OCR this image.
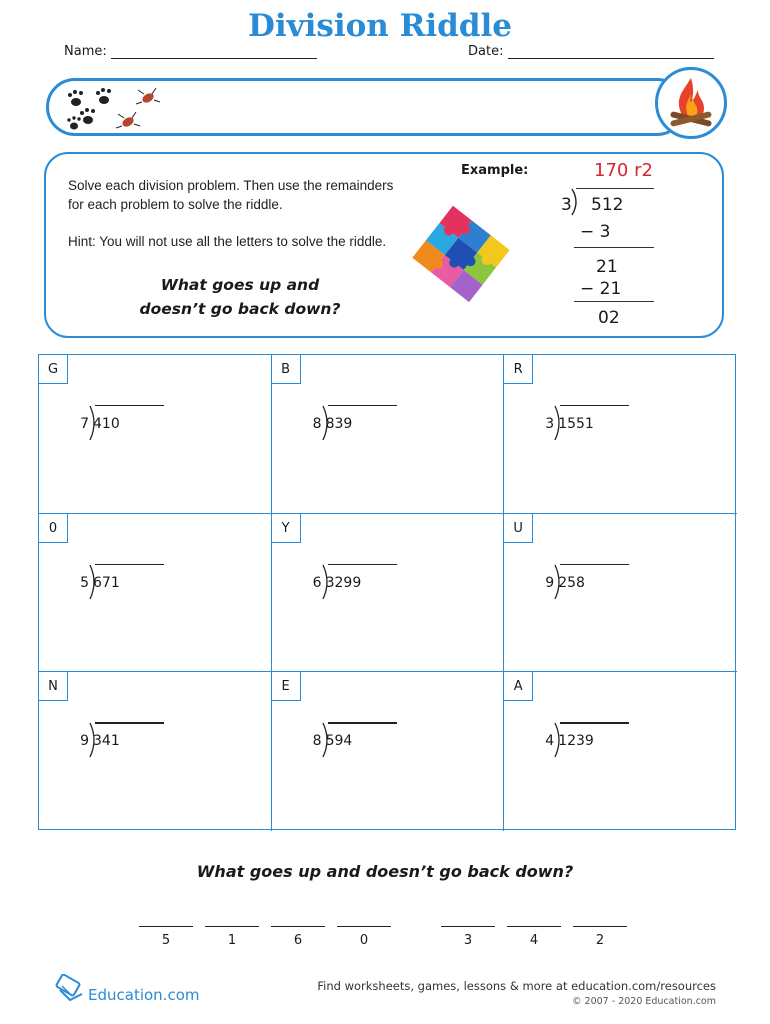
Name:	Date:
Division Riddle
Solve each division problem. Then use the remainders for each problem to solve the riddle.
Hint: You will not use all the letters to solve the riddle.
What goes up and
doesn’t go back down?
Example:	170 r2
3 512
− 3
21
− 21
02
G
7 410
B
8 839
R
3 1551
0
5 671
Y
6 3299
U
9 258
N
9 341
E
8 594
A
4 1239
What goes up and doesn’t go back down?
5	1	6	0	3	4	2
Education.com	Find worksheets, games, lessons & more at education.com/resources
© 2007 - 2020 Education.com
